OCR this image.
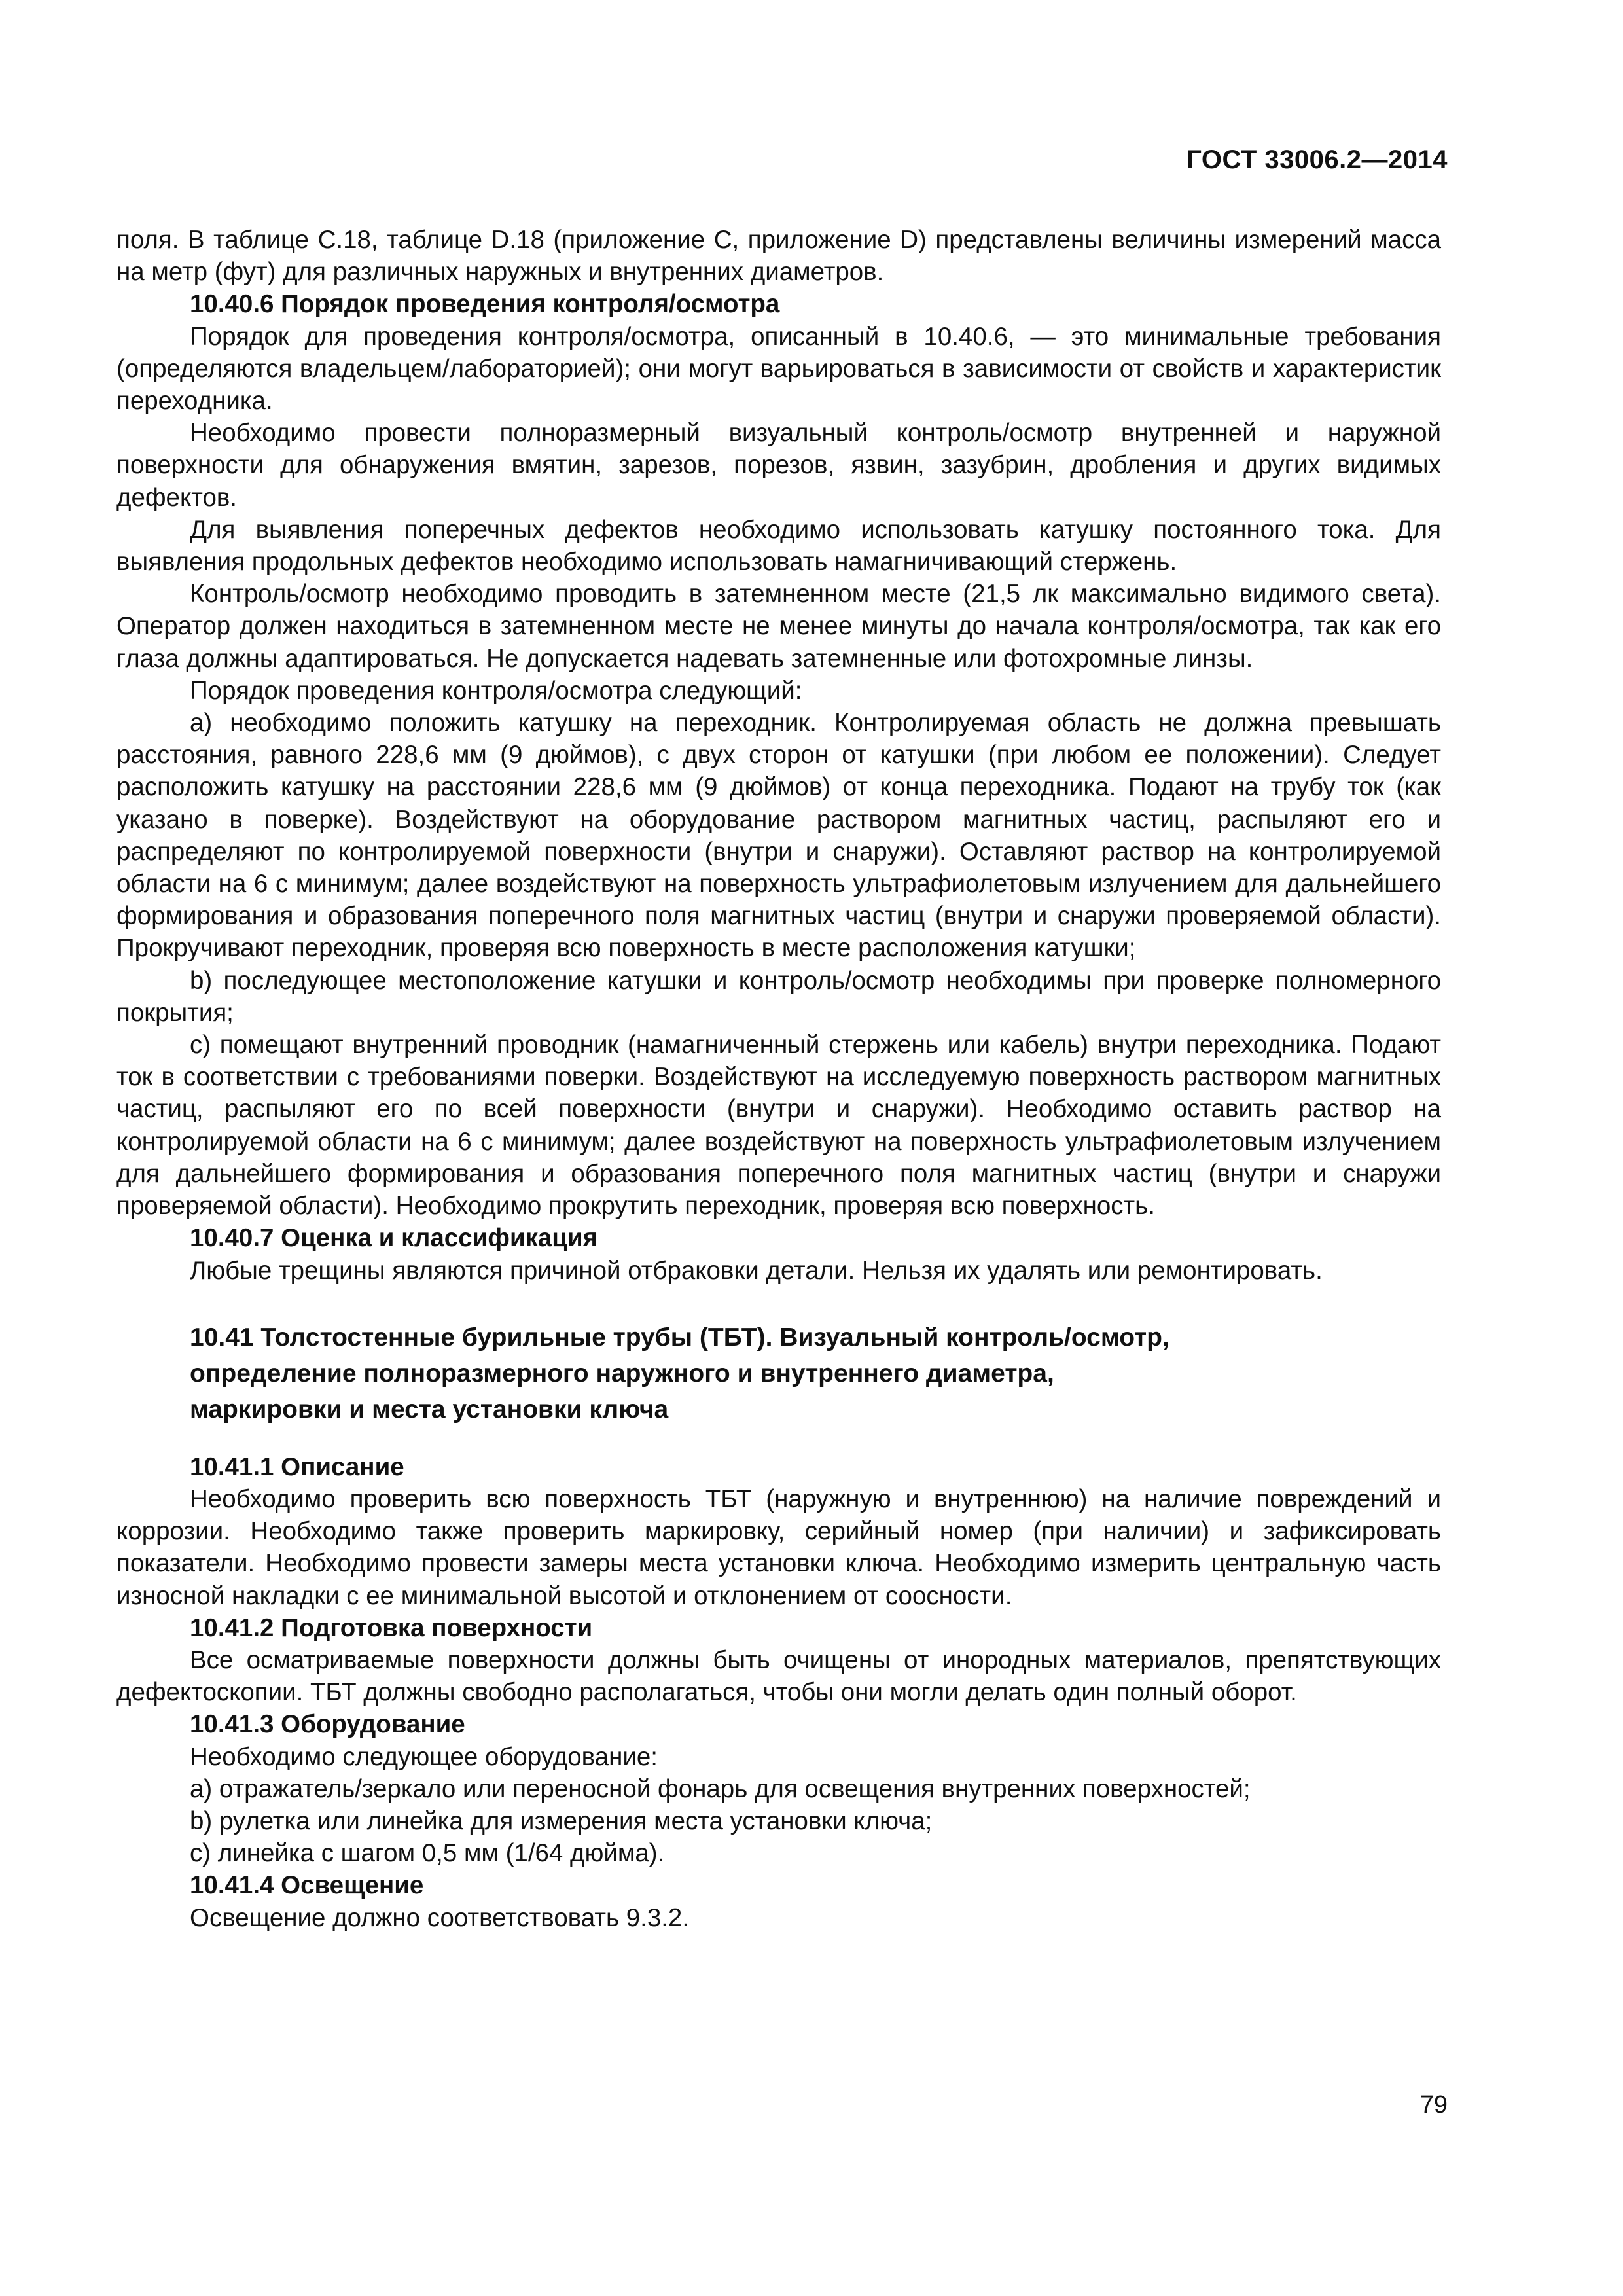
ГОСТ 33006.2—2014

поля. В таблице С.18, таблице D.18 (приложение С, приложение D) представлены величины измерений масса на метр (фут) для различных наружных и внутренних диаметров.

10.40.6 Порядок проведения контроля/осмотра

Порядок для проведения контроля/осмотра, описанный в 10.40.6, — это минимальные требования (определяются владельцем/лабораторией); они могут варьироваться в зависимости от свойств и характеристик переходника.

Необходимо провести полноразмерный визуальный контроль/осмотр внутренней и наружной поверхности для обнаружения вмятин, зарезов, порезов, язвин, зазубрин, дробления и других видимых дефектов.

Для выявления поперечных дефектов необходимо использовать катушку постоянного тока. Для выявления продольных дефектов необходимо использовать намагничивающий стержень.

Контроль/осмотр необходимо проводить в затемненном месте (21,5 лк максимально видимого света). Оператор должен находиться в затемненном месте не менее минуты до начала контроля/осмотра, так как его глаза должны адаптироваться. Не допускается надевать затемненные или фотохромные линзы.

Порядок проведения контроля/осмотра следующий:

a) необходимо положить катушку на переходник. Контролируемая область не должна превышать расстояния, равного 228,6 мм (9 дюймов), с двух сторон от катушки (при любом ее положении). Следует расположить катушку на расстоянии 228,6 мм (9 дюймов) от конца переходника. Подают на трубу ток (как указано в поверке). Воздействуют на оборудование раствором магнитных частиц, распыляют его и распределяют по контролируемой поверхности (внутри и снаружи). Оставляют раствор на контролируемой области на 6 с минимум; далее воздействуют на поверхность ультрафиолетовым излучением для дальнейшего формирования и образования поперечного поля магнитных частиц (внутри и снаружи проверяемой области). Прокручивают переходник, проверяя всю поверхность в месте расположения катушки;

b) последующее местоположение катушки и контроль/осмотр необходимы при проверке полномерного покрытия;

c) помещают внутренний проводник (намагниченный стержень или кабель) внутри переходника. Подают ток в соответствии с требованиями поверки. Воздействуют на исследуемую поверхность раствором магнитных частиц, распыляют его по всей поверхности (внутри и снаружи). Необходимо оставить раствор на контролируемой области на 6 с минимум; далее воздействуют на поверхность ультрафиолетовым излучением для дальнейшего формирования и образования поперечного поля магнитных частиц (внутри и снаружи проверяемой области). Необходимо прокрутить переходник, проверяя всю поверхность.

10.40.7 Оценка и классификация

Любые трещины являются причиной отбраковки детали. Нельзя их удалять или ремонтировать.

10.41 Толстостенные бурильные трубы (ТБТ). Визуальный контроль/осмотр,
определение полноразмерного наружного и внутреннего диаметра,
маркировки и места установки ключа
10.41.1 Описание

Необходимо проверить всю поверхность ТБТ (наружную и внутреннюю) на наличие повреждений и коррозии. Необходимо также проверить маркировку, серийный номер (при наличии) и зафиксировать показатели. Необходимо провести замеры места установки ключа. Необходимо измерить центральную часть износной накладки с ее минимальной высотой и отклонением от соосности.

10.41.2 Подготовка поверхности

Все осматриваемые поверхности должны быть очищены от инородных материалов, препятствующих дефектоскопии. ТБТ должны свободно располагаться, чтобы они могли делать один полный оборот.

10.41.3 Оборудование

Необходимо следующее оборудование:

a) отражатель/зеркало или переносной фонарь для освещения внутренних поверхностей;

b) рулетка или линейка для измерения места установки ключа;

c) линейка с шагом 0,5 мм (1/64 дюйма).

10.41.4 Освещение

Освещение должно соответствовать 9.3.2.

79
